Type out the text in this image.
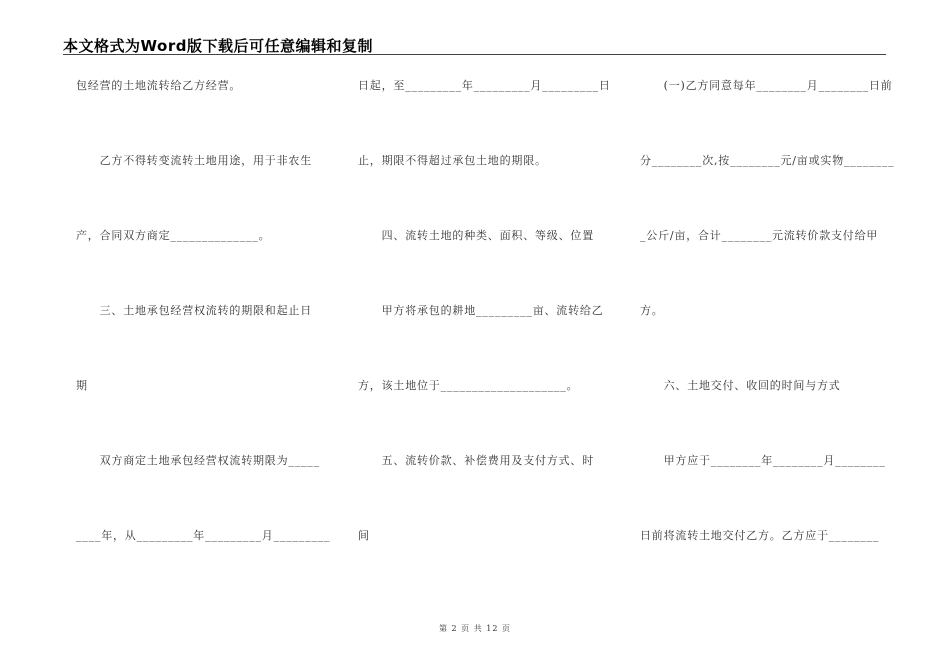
本文格式为Word版下载后可任意编辑和复制
包经营的土地流转给乙方经营。
　　乙方不得转变流转土地用途，用于非农生
产，合同双方商定______________。
　　三、土地承包经营权流转的期限和起止日
期
　　双方商定土地承包经营权流转期限为_____
____年，从_________年_________月_________
日起，至_________年_________月_________日
止，期限不得超过承包土地的期限。
　　四、流转土地的种类、面积、等级、位置
　　甲方将承包的耕地_________亩、流转给乙
方，该土地位于____________________。
　　五、流转价款、补偿费用及支付方式、时
间
　　(一)乙方同意每年________月________日前
分________次,按________元/亩或实物________
_公斤/亩，合计________元流转价款支付给甲
方。
　　六、土地交付、收回的时间与方式
　　甲方应于________年________月________
日前将流转土地交付乙方。乙方应于________
第 2 页 共 12 页
